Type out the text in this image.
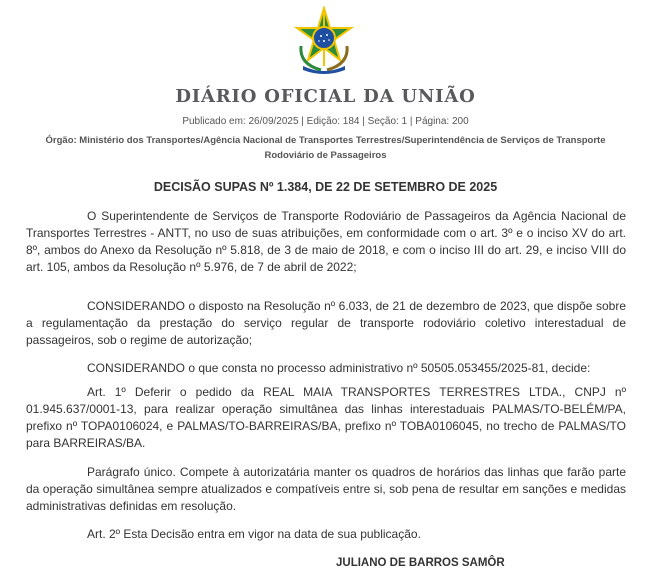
DIÁRIO OFICIAL DA UNIÃO
Publicado em: 26/09/2025 | Edição: 184 | Seção: 1 | Página: 200
Órgão: Ministério dos Transportes/Agência Nacional de Transportes Terrestres/Superintendência de Serviços de Transporte Rodoviário de Passageiros
DECISÃO SUPAS Nº 1.384, DE 22 DE SETEMBRO DE 2025
O Superintendente de Serviços de Transporte Rodoviário de Passageiros da Agência Nacional de Transportes Terrestres - ANTT, no uso de suas atribuições, em conformidade com o art. 3º e o inciso XV do art. 8º, ambos do Anexo da Resolução nº 5.818, de 3 de maio de 2018, e com o inciso III do art. 29, e inciso VIII do art. 105, ambos da Resolução nº 5.976, de 7 de abril de 2022;
CONSIDERANDO o disposto na Resolução nº 6.033, de 21 de dezembro de 2023, que dispõe sobre a regulamentação da prestação do serviço regular de transporte rodoviário coletivo interestadual de passageiros, sob o regime de autorização;
CONSIDERANDO o que consta no processo administrativo nº 50505.053455/2025-81, decide:
Art. 1º Deferir o pedido da REAL MAIA TRANSPORTES TERRESTRES LTDA., CNPJ nº 01.945.637/0001-13, para realizar operação simultânea das linhas interestaduais PALMAS/TO-BELÉM/PA, prefixo nº TOPA0106024, e PALMAS/TO-BARREIRAS/BA, prefixo nº TOBA0106045, no trecho de PALMAS/TO para BARREIRAS/BA.
Parágrafo único. Compete à autorizatária manter os quadros de horários das linhas que farão parte da operação simultânea sempre atualizados e compatíveis entre si, sob pena de resultar em sanções e medidas administrativas definidas em resolução.
Art. 2º Esta Decisão entra em vigor na data de sua publicação.
JULIANO DE BARROS SAMÔR
